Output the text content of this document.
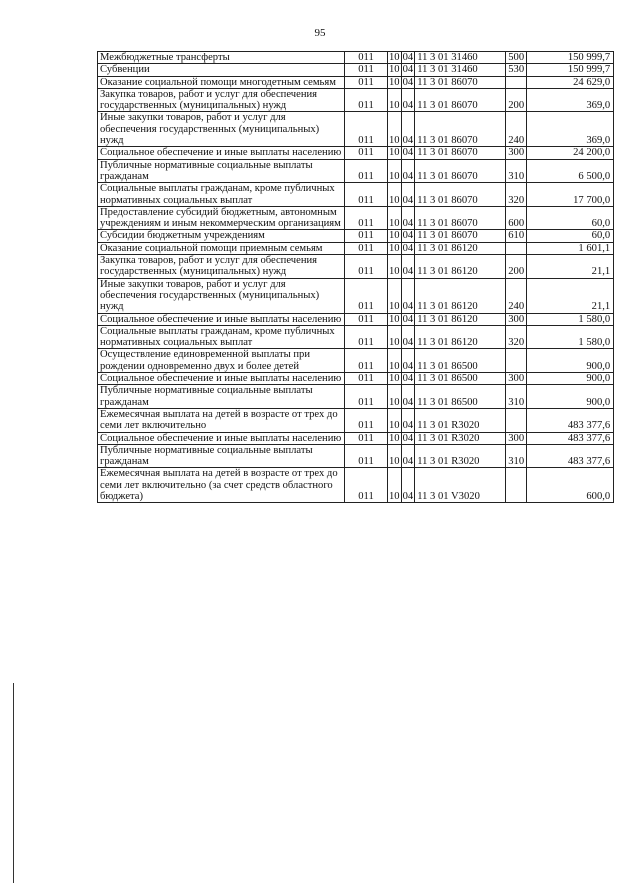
95
Межбюджетные трансферты	011	10	04	11 3 01 31460	500	150 999,7
Субвенции	011	10	04	11 3 01 31460	530	150 999,7
Оказание социальной помощи многодетным семьям	011	10	04	11 3 01 86070		24 629,0
Закупка товаров, работ и услуг для обеспечения государственных (муниципальных) нужд	011	10	04	11 3 01 86070	200	369,0
Иные закупки товаров, работ и услуг для обеспечения государственных (муниципальных) нужд	011	10	04	11 3 01 86070	240	369,0
Социальное обеспечение и иные выплаты населению	011	10	04	11 3 01 86070	300	24 200,0
Публичные нормативные социальные выплаты гражданам	011	10	04	11 3 01 86070	310	6 500,0
Социальные выплаты гражданам, кроме публичных нормативных социальных выплат	011	10	04	11 3 01 86070	320	17 700,0
Предоставление субсидий бюджетным, автономным учреждениям и иным некоммерческим организациям	011	10	04	11 3 01 86070	600	60,0
Субсидии бюджетным учреждениям	011	10	04	11 3 01 86070	610	60,0
Оказание социальной помощи приемным семьям	011	10	04	11 3 01 86120		1 601,1
Закупка товаров, работ и услуг для обеспечения государственных (муниципальных) нужд	011	10	04	11 3 01 86120	200	21,1
Иные закупки товаров, работ и услуг для обеспечения государственных (муниципальных) нужд	011	10	04	11 3 01 86120	240	21,1
Социальное обеспечение и иные выплаты населению	011	10	04	11 3 01 86120	300	1 580,0
Социальные выплаты гражданам, кроме публичных нормативных социальных выплат	011	10	04	11 3 01 86120	320	1 580,0
Осуществление единовременной выплаты при рождении одновременно двух и более детей	011	10	04	11 3 01 86500		900,0
Социальное обеспечение и иные выплаты населению	011	10	04	11 3 01 86500	300	900,0
Публичные нормативные социальные выплаты гражданам	011	10	04	11 3 01 86500	310	900,0
Ежемесячная выплата на детей в возрасте от трех до семи лет включительно	011	10	04	11 3 01 R3020		483 377,6
Социальное обеспечение и иные выплаты населению	011	10	04	11 3 01 R3020	300	483 377,6
Публичные нормативные социальные выплаты гражданам	011	10	04	11 3 01 R3020	310	483 377,6
Ежемесячная выплата на детей в возрасте от трех до семи лет включительно (за счет средств областного бюджета)	011	10	04	11 3 01 V3020		600,0
